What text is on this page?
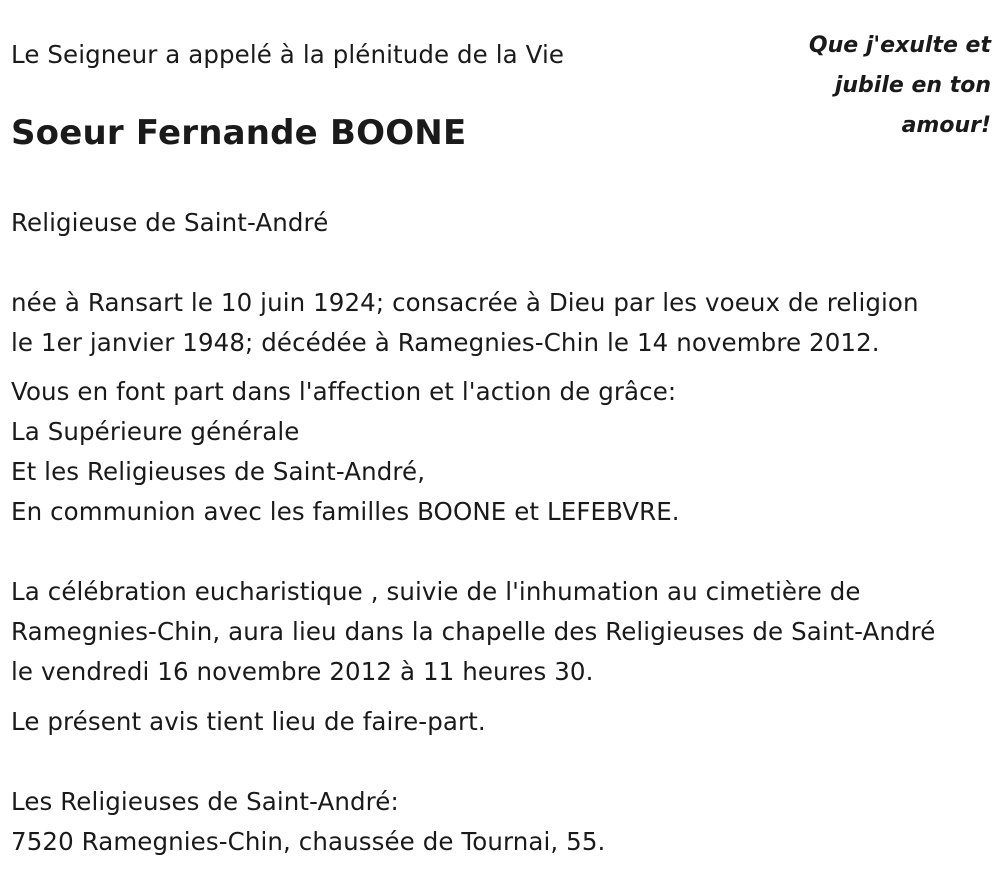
Le Seigneur a appelé à la plénitude de la Vie	Que j'exulte et
jubile en ton
amour!
Soeur Fernande BOONE
Religieuse de Saint-André
née à Ransart le 10 juin 1924; consacrée à Dieu par les voeux de religion
le 1er janvier 1948; décédée à Ramegnies-Chin le 14 novembre 2012.
Vous en font part dans l'affection et l'action de grâce:
La Supérieure générale
Et les Religieuses de Saint-André,
En communion avec les familles BOONE et LEFEBVRE.
La célébration eucharistique , suivie de l'inhumation au cimetière de
Ramegnies-Chin, aura lieu dans la chapelle des Religieuses de Saint-André
le vendredi 16 novembre 2012 à 11 heures 30.
Le présent avis tient lieu de faire-part.
Les Religieuses de Saint-André:
7520 Ramegnies-Chin, chaussée de Tournai, 55.
